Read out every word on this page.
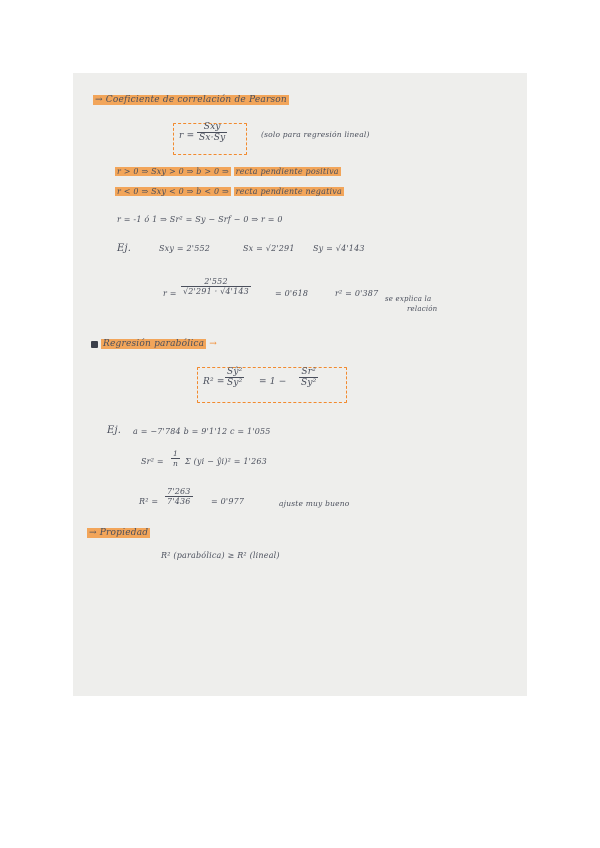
→ Coeficiente de correlación de Pearson
r =
Sxy
Sx·Sy	(solo para regresión lineal)
r > 0 ⇒ Sxy > 0 ⇒ b > 0 ⇒ recta pendiente positiva
r < 0 ⇒ Sxy < 0 ⇒ b < 0 ⇒ recta pendiente negativa
r = -1 ó 1 ⇒ Sr² = Sy − Srf − 0 ⇒ r = 0
Ej.	Sxy = 2'552	Sx = √2'291 Sy = √4'143
$r = \frac{2'552}{√2'291 \cdot √4'143}$	= 0'618	r² = 0'387
se explica la
relación
Regresión parabólica →
$R^2 = \frac{\text{Sŷ²}}{\text{Sy²}} = 1 - \frac{\text{Sr²}}{\text{Sy²}}$
Ej. a = −7'784 b = 9'1'12 c = 1'055
$Sr^2 = \frac{1}{n}$ Σ (yi − ŷi)² = 1'263
$R^2 = \frac{7'263}{7'436} = 0'977$	ajuste muy bueno
→ Propiedad
R² (parabólica) ≥ R² (lineal)
